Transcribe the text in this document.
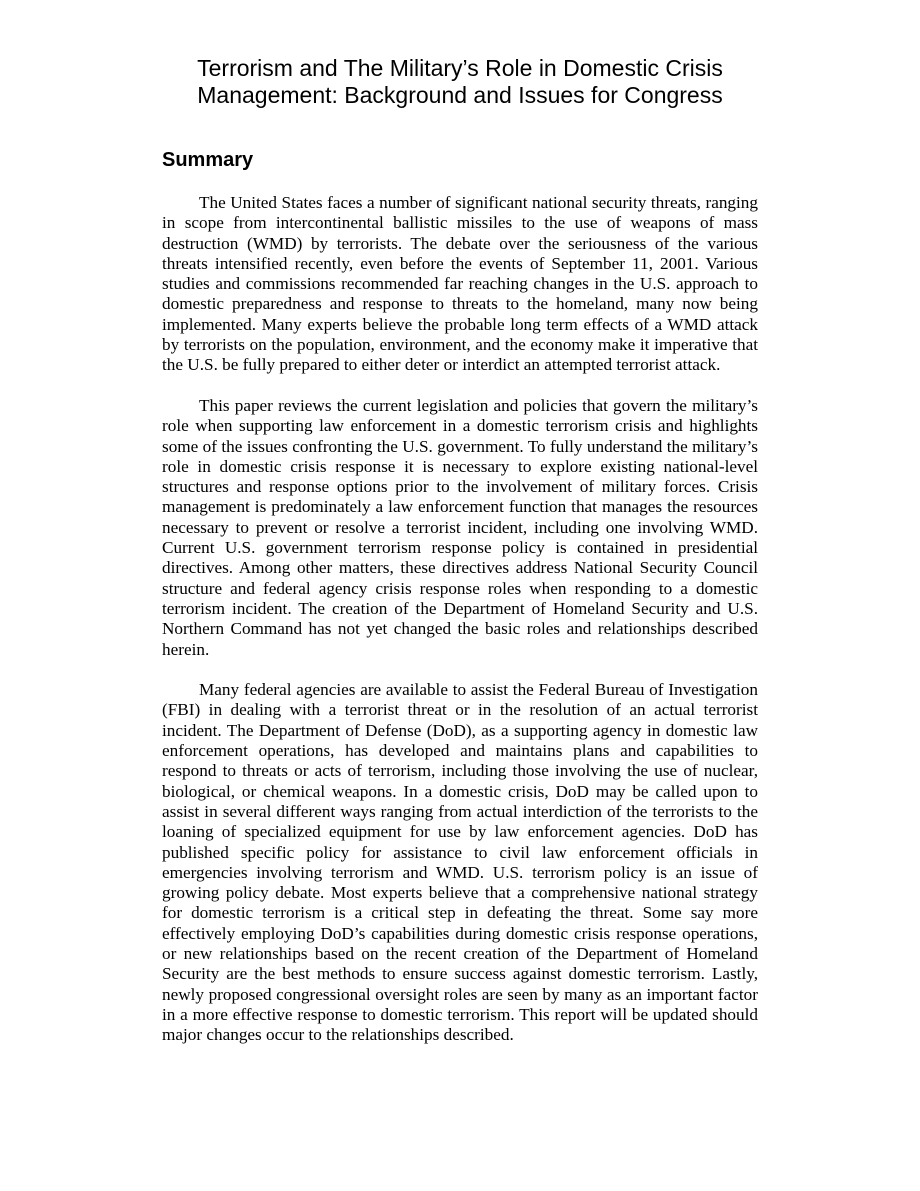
Terrorism and The Military’s Role in Domestic Crisis
Management: Background and Issues for Congress
Summary

The United States faces a number of significant national security threats, ranging in scope from intercontinental ballistic missiles to the use of weapons of mass destruction (WMD) by terrorists. The debate over the seriousness of the various threats intensified recently, even before the events of September 11, 2001. Various studies and commissions recommended far reaching changes in the U.S. approach to domestic preparedness and response to threats to the homeland, many now being implemented. Many experts believe the probable long term effects of a WMD attack by terrorists on the population, environment, and the economy make it imperative that the U.S. be fully prepared to either deter or interdict an attempted terrorist attack.

This paper reviews the current legislation and policies that govern the military’s role when supporting law enforcement in a domestic terrorism crisis and highlights some of the issues confronting the U.S. government. To fully understand the military’s role in domestic crisis response it is necessary to explore existing national-level structures and response options prior to the involvement of military forces. Crisis management is predominately a law enforcement function that manages the resources necessary to prevent or resolve a terrorist incident, including one involving WMD. Current U.S. government terrorism response policy is contained in presidential directives. Among other matters, these directives address National Security Council structure and federal agency crisis response roles when responding to a domestic terrorism incident. The creation of the Department of Homeland Security and U.S. Northern Command has not yet changed the basic roles and relationships described herein.

Many federal agencies are available to assist the Federal Bureau of Investigation (FBI) in dealing with a terrorist threat or in the resolution of an actual terrorist incident. The Department of Defense (DoD), as a supporting agency in domestic law enforcement operations, has developed and maintains plans and capabilities to respond to threats or acts of terrorism, including those involving the use of nuclear, biological, or chemical weapons. In a domestic crisis, DoD may be called upon to assist in several different ways ranging from actual interdiction of the terrorists to the loaning of specialized equipment for use by law enforcement agencies. DoD has published specific policy for assistance to civil law enforcement officials in emergencies involving terrorism and WMD. U.S. terrorism policy is an issue of growing policy debate. Most experts believe that a comprehensive national strategy for domestic terrorism is a critical step in defeating the threat. Some say more effectively employing DoD’s capabilities during domestic crisis response operations, or new relationships based on the recent creation of the Department of Homeland Security are the best methods to ensure success against domestic terrorism. Lastly, newly proposed congressional oversight roles are seen by many as an important factor in a more effective response to domestic terrorism. This report will be updated should major changes occur to the relationships described.
